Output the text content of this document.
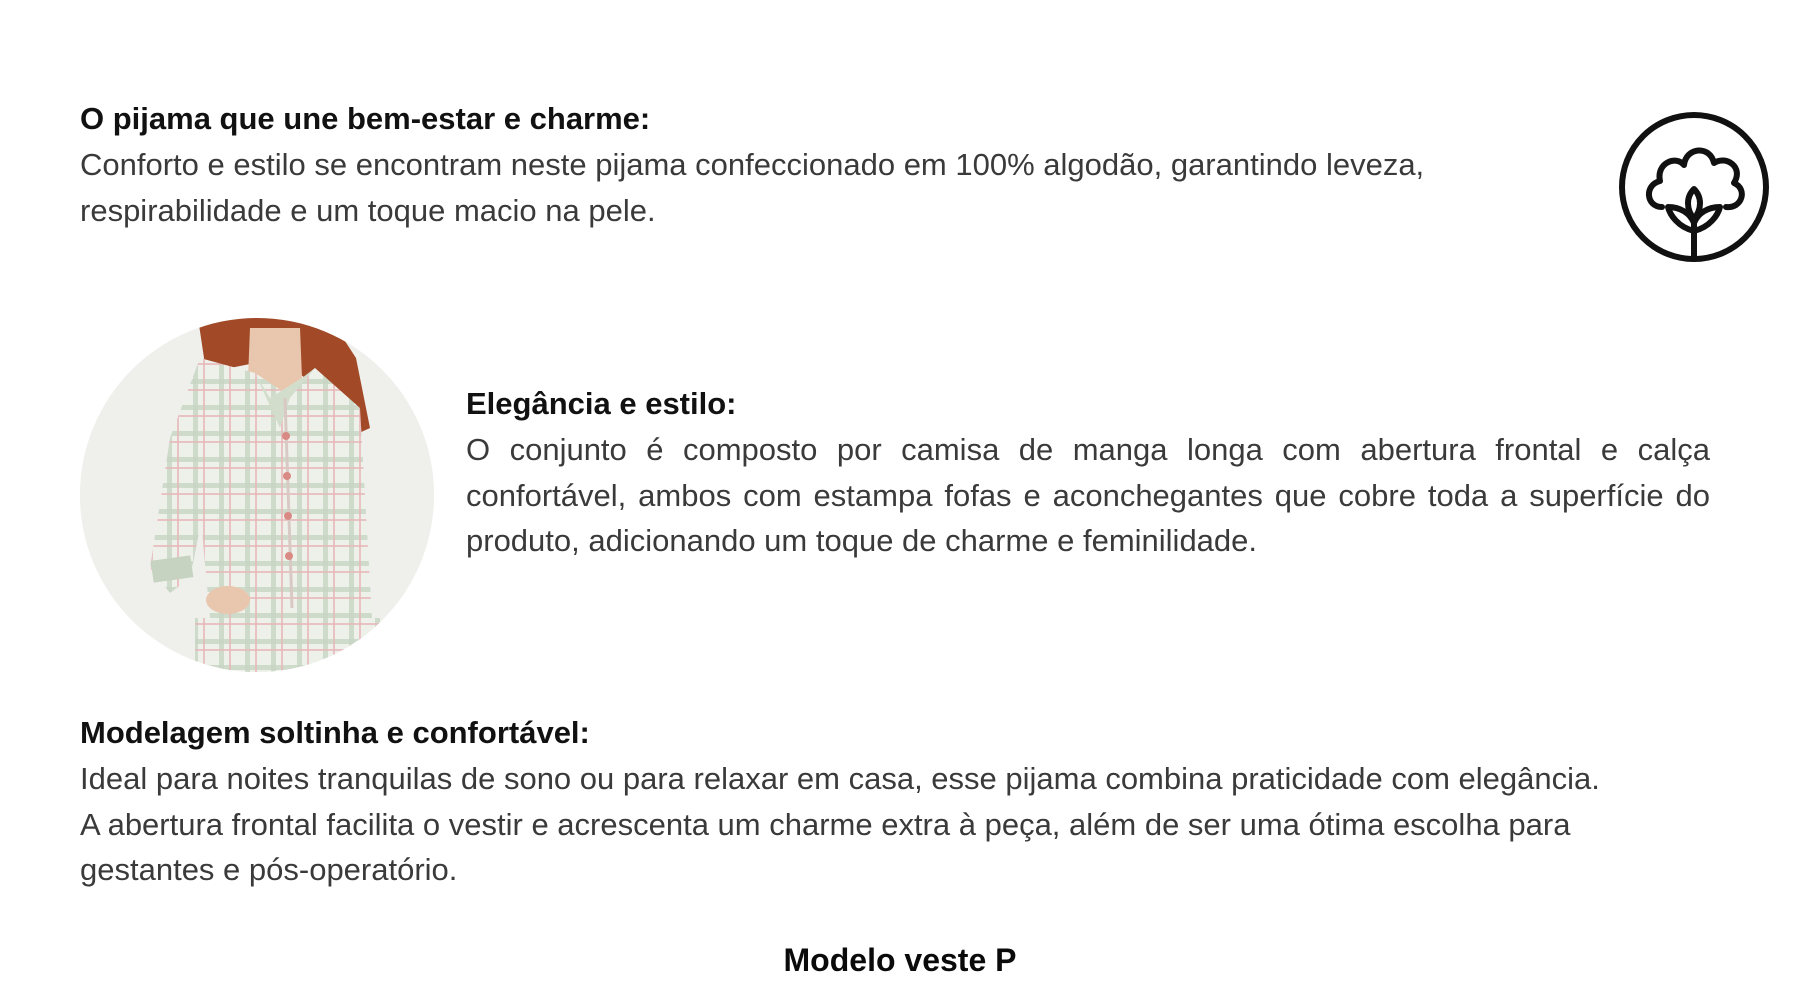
O pijama que une bem-estar e charme:

Conforto e estilo se encontram neste pijama confeccionado em 100% algodão, garantindo leveza, respirabilidade e um toque macio na pele.

Elegância e estilo:

O conjunto é composto por camisa de manga longa com abertura frontal e calça confortável, ambos com estampa fofas e aconchegantes que cobre toda a superfície do produto, adicionando um toque de charme e feminilidade.

Modelagem soltinha e confortável:

Ideal para noites tranquilas de sono ou para relaxar em casa, esse pijama combina praticidade com elegância. A abertura frontal facilita o vestir e acrescenta um charme extra à peça, além de ser uma ótima escolha para gestantes e pós-operatório.

Modelo veste P
